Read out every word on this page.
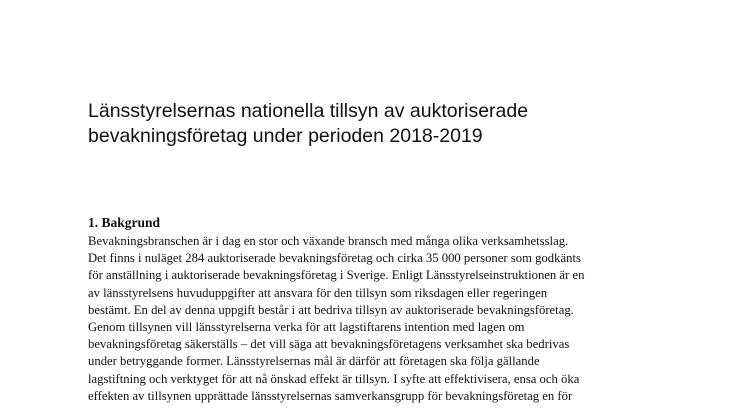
Länsstyrelsernas nationella tillsyn av auktoriserade
bevakningsföretag under perioden 2018-2019
1. Bakgrund

Bevakningsbranschen är i dag en stor och växande bransch med många olika verksamhetsslag.
Det finns i nuläget 284 auktoriserade bevakningsföretag och cirka 35 000 personer som godkänts
för anställning i auktoriserade bevakningsföretag i Sverige. Enligt Länsstyrelseinstruktionen är en
av länsstyrelsens huvuduppgifter att ansvara för den tillsyn som riksdagen eller regeringen
bestämt. En del av denna uppgift består i att bedriva tillsyn av auktoriserade bevakningsföretag.
Genom tillsynen vill länsstyrelserna verka för att lagstiftarens intention med lagen om
bevakningsföretag säkerställs – det vill säga att bevakningsföretagens verksamhet ska bedrivas
under betryggande former. Länsstyrelsernas mål är därför att företagen ska följa gällande
lagstiftning och verktyget för att nå önskad effekt är tillsyn. I syfte att effektivisera, ensa och öka
effekten av tillsynen upprättade länsstyrelsernas samverkansgrupp för bevakningsföretag en för
